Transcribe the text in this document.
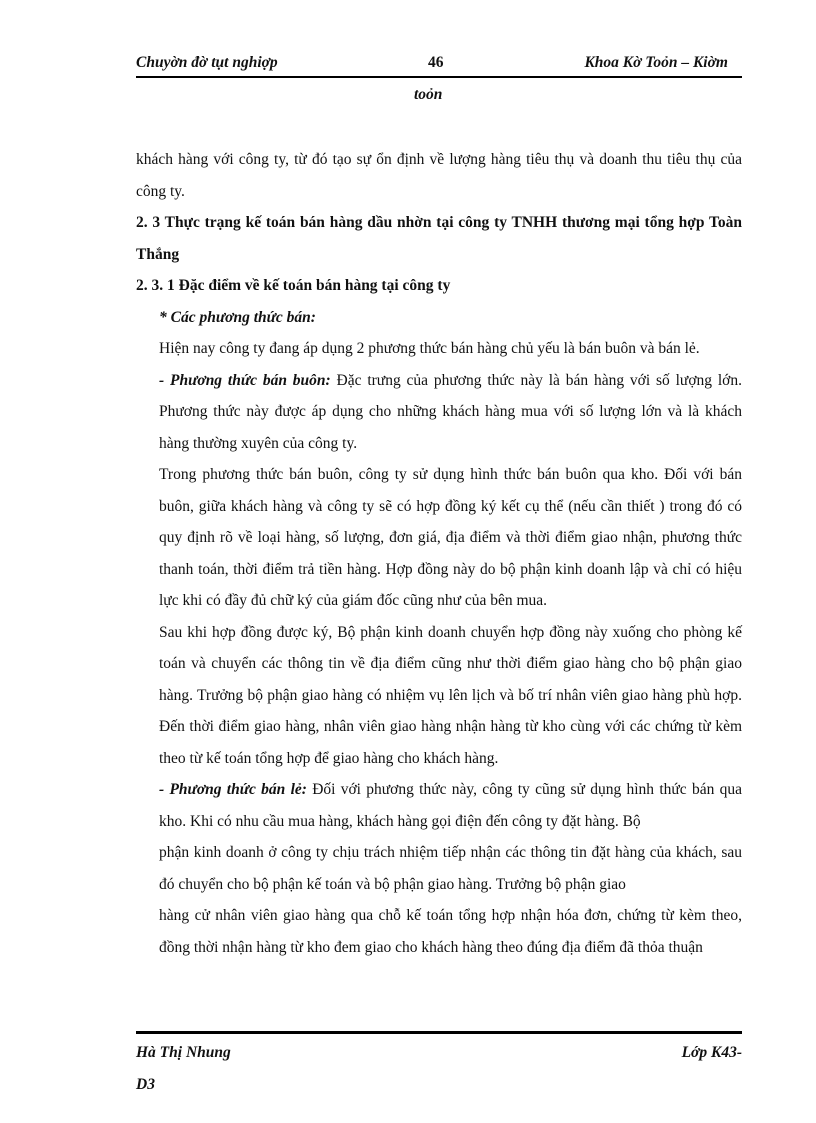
Chuyờn đờ tụt nghiợp	46	Khoa Kờ Toỏn – Kiờm
toỏn

khách hàng với công ty, từ đó tạo sự ổn định về lượng hàng tiêu thụ và doanh thu tiêu thụ của công ty.

2. 3 Thực trạng kế toán bán hàng dầu nhờn tại công ty TNHH thương mại tổng hợp Toàn Thắng

2. 3. 1 Đặc điểm về kế toán bán hàng tại công ty

* Các phương thức bán:

Hiện nay công ty đang áp dụng 2 phương thức bán hàng chủ yếu là bán buôn và bán lẻ.

- Phương thức bán buôn: Đặc trưng của phương thức này là bán hàng với số lượng lớn. Phương thức này được áp dụng cho những khách hàng mua với số lượng lớn và là khách hàng thường xuyên của công ty.

Trong phương thức bán buôn, công ty sử dụng hình thức bán buôn qua kho. Đối với bán buôn, giữa khách hàng và công ty sẽ có hợp đồng ký kết cụ thể (nếu cần thiết ) trong đó có quy định rõ về loại hàng, số lượng, đơn giá, địa điểm và thời điểm giao nhận, phương thức thanh toán, thời điểm trả tiền hàng. Hợp đồng này do bộ phận kinh doanh lập và chỉ có hiệu lực khi có đầy đủ chữ ký của giám đốc cũng như của bên mua.

Sau khi hợp đồng được ký, Bộ phận kinh doanh chuyển hợp đồng này xuống cho phòng kế toán và chuyển các thông tin về địa điểm cũng như thời điểm giao hàng cho bộ phận giao hàng. Trưởng bộ phận giao hàng có nhiệm vụ lên lịch và bố trí nhân viên giao hàng phù hợp. Đến thời điểm giao hàng, nhân viên giao hàng nhận hàng từ kho cùng với các chứng từ kèm theo từ kế toán tổng hợp để giao hàng cho khách hàng.

- Phương thức bán lẻ: Đối với phương thức này, công ty cũng sử dụng hình thức bán qua kho. Khi có nhu cầu mua hàng, khách hàng gọi điện đến công ty đặt hàng. Bộ

phận kinh doanh ở công ty chịu trách nhiệm tiếp nhận các thông tin đặt hàng của khách, sau đó chuyển cho bộ phận kế toán và bộ phận giao hàng. Trưởng bộ phận giao

hàng cử nhân viên giao hàng qua chỗ kế toán tổng hợp nhận hóa đơn, chứng từ kèm theo, đồng thời nhận hàng từ kho đem giao cho khách hàng theo đúng địa điểm đã thỏa thuận

Hà Thị Nhung	Lớp K43-
D3
